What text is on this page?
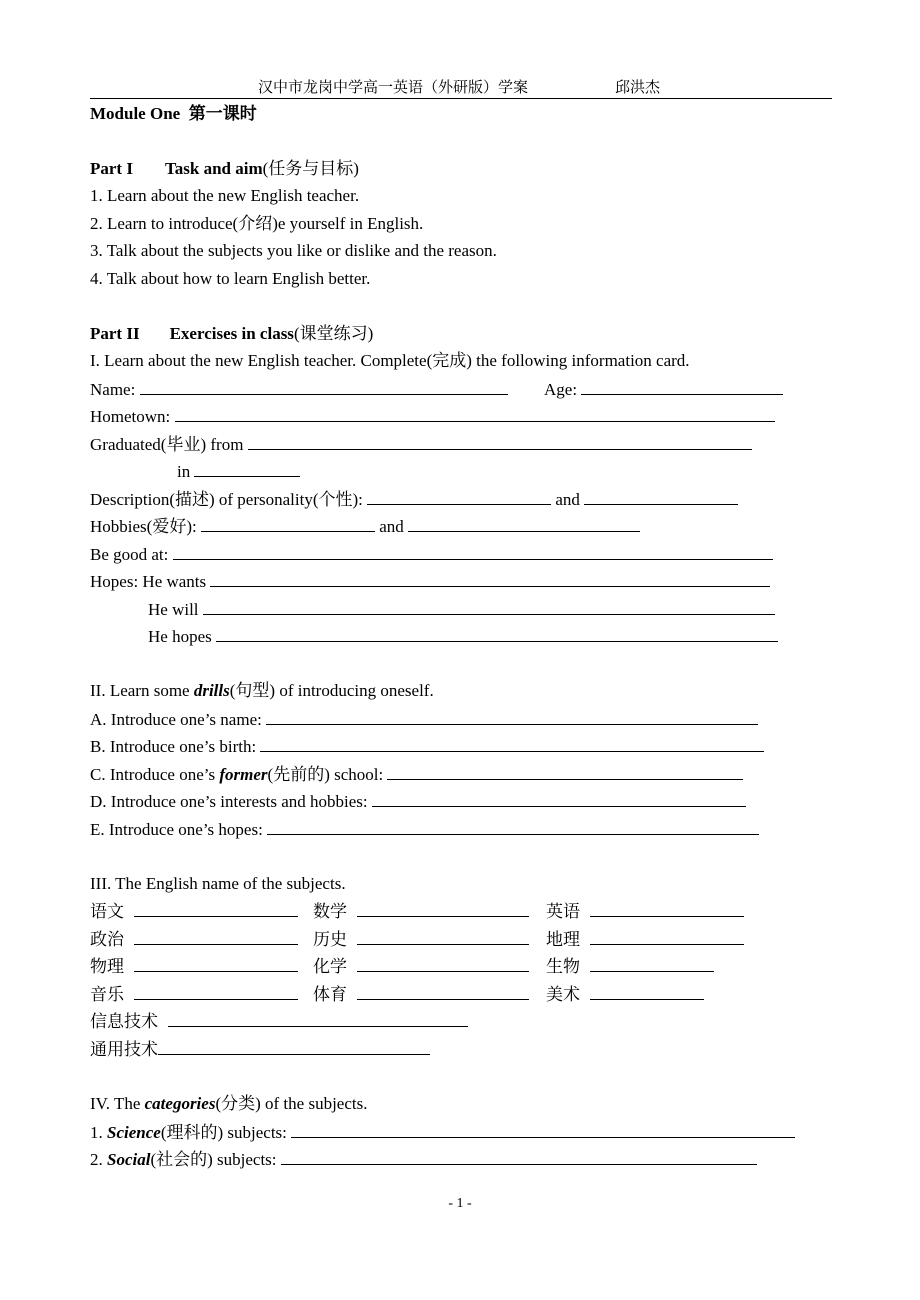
汉中市龙岗中学高一英语（外研版）学案	邱洪杰
Module One 第一课时
Part I Task and aim(任务与目标)
1. Learn about the new English teacher.
2. Learn to introduce(介绍)e yourself in English.
3. Talk about the subjects you like or dislike and the reason.
4. Talk about how to learn English better.
Part II Exercises in class(课堂练习)
I. Learn about the new English teacher. Complete(完成) the following information card.
Name:	Age:
Hometown:
Graduated(毕业) from
in
Description(描述) of personality(个性):	and
Hobbies(爱好):	and
Be good at:
Hopes: He wants
He will
He hopes
II. Learn some drills(句型) of introducing oneself.
A. Introduce one’s name:
B. Introduce one’s birth:
C. Introduce one’s former(先前的) school:
D. Introduce one’s interests and hobbies:
E. Introduce one’s hopes:
III. The English name of the subjects.
语文	数学	英语
政治	历史	地理
物理	化学	生物
音乐	体育	美术
信息技术
通用技术
IV. The categories(分类) of the subjects.
1. Science(理科的) subjects:
2. Social(社会的) subjects:
- 1 -
